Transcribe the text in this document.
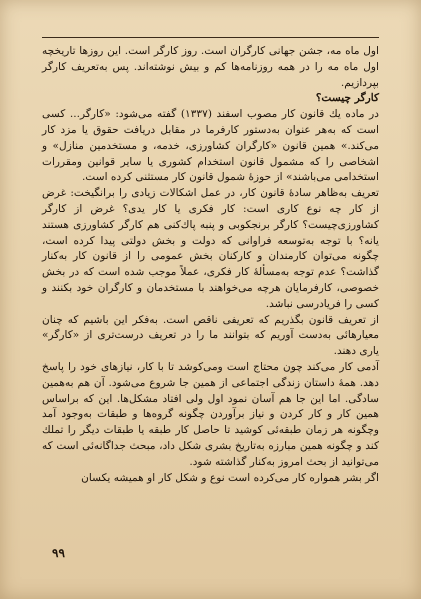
اول ماه مه، جشن جهانی کارگران است. روز کارگر است. این روزها تاریخچه اول ماه مه را در همه روزنامه‌ها کم و بیش نوشته‌اند. پس به‌تعریف کارگر بپردازیم.

کارگر چیست؟

در ماده یك قانون کار مصوب اسفند (۱۳۳۷) گفته می‌شود: «کارگر... کسی است که به‌هر عنوان به‌دستور کارفرما در مقابل دریافت حقوق یا مزد کار می‌کند.» همین قانون «کارگران کشاورزی، خدمه، و مستخدمین منازل» و اشخاصی را که مشمول قانون استخدام کشوری یا سایر قوانین ومقررات استخدامی می‌باشند» از حوزهٔ شمول قانون کار مستثنی کرده است.

تعریف به‌ظاهر سادهٔ قانون کار، در عمل اشکالات زیادی را برانگیخت: غرض از کار چه نوع کاری است: کار فکری یا کار یدی؟ غرض از کارگر کشاورزی‌چیست؟ کارگر برنجکوبی و پنبه پاك‌کنی هم کارگر کشاورزی هستند یانه؟ با توجه به‌توسعه فراوانی که دولت و بخش دولتی پیدا کرده است، چگونه می‌توان کارمندان و کارکنان بخش عمومی را از قانون کار به‌کنار گذاشت؟ عدم توجه به‌مسألهٔ کار فکری، عملاً موجب شده است که در بخش خصوصی، کارفرمایان هرچه می‌خواهند با مستخدمان و کارگران خود بکنند و کسی را فریادرسی نباشد.

از تعریف قانون بگذریم که تعریفی ناقص است. به‌فکر این باشیم که چنان معیارهائی به‌دست آوریم که بتوانند ما را در تعریف درست‌تری از «کارگر» یاری دهند.

آدمی کار می‌کند چون محتاج است ومی‌کوشد تا با کار، نیازهای خود را پاسخ دهد. همهٔ داستان زندگی اجتماعی از همین جا شروع می‌شود. آن هم به‌همین سادگی. اما این جا هم آسان نمود اول ولی افتاد مشکل‌ها. این که براساس همین کار و کار کردن و نیاز برآوردن چگونه گروه‌ها و طبقات به‌وجود آمد وچگونه هر زمان طبقه‌ئی کوشید تا حاصل کار طبقه یا طبقات دیگر را تملك کند و چگونه همین مبارزه به‌تاریخ بشری شکل داد، مبحث جداگانه‌ئی است که می‌توانید از بحث امروز به‌کنار گذاشته شود.

اگر بشر همواره کار می‌کرده است نوع و شکل کار او همیشه یکسان

۹۹
